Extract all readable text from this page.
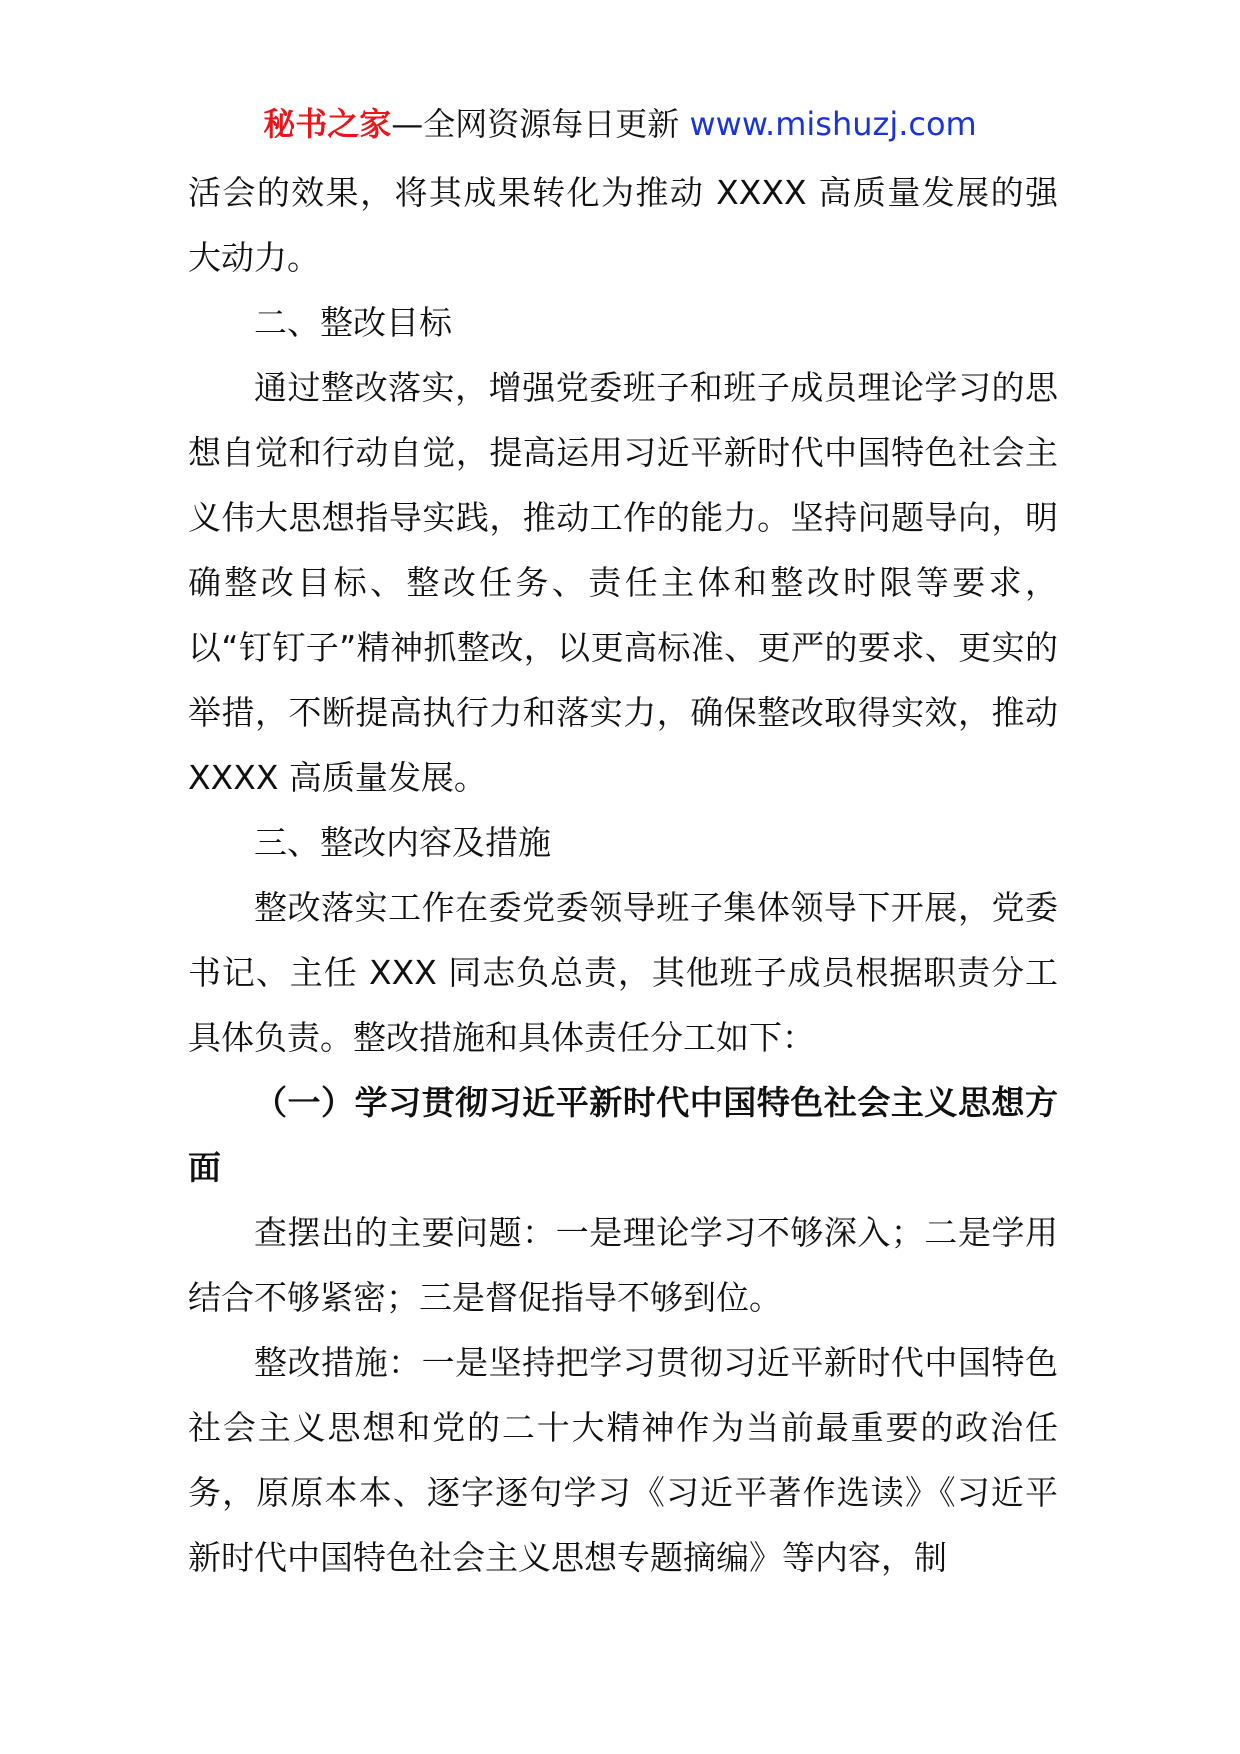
秘书之家—全网资源每日更新 www.mishuzj.com

活会的效果，将其成果转化为推动 XXXX 高质量发展的强大动力。

二、整改目标

通过整改落实，增强党委班子和班子成员理论学习的思想自觉和行动自觉，提高运用习近平新时代中国特色社会主义伟大思想指导实践，推动工作的能力。坚持问题导向，明确整改目标、整改任务、责任主体和整改时限等要求，以“钉钉子”精神抓整改，以更高标准、更严的要求、更实的举措，不断提高执行力和落实力，确保整改取得实效，推动 XXXX 高质量发展。

三、整改内容及措施

整改落实工作在委党委领导班子集体领导下开展，党委书记、主任 XXX 同志负总责，其他班子成员根据职责分工具体负责。整改措施和具体责任分工如下：

（一）学习贯彻习近平新时代中国特色社会主义思想方面

查摆出的主要问题：一是理论学习不够深入；二是学用结合不够紧密；三是督促指导不够到位。

整改措施：一是坚持把学习贯彻习近平新时代中国特色社会主义思想和党的二十大精神作为当前最重要的政治任务，原原本本、逐字逐句学习《习近平著作选读》《习近平新时代中国特色社会主义思想专题摘编》等内容，制
